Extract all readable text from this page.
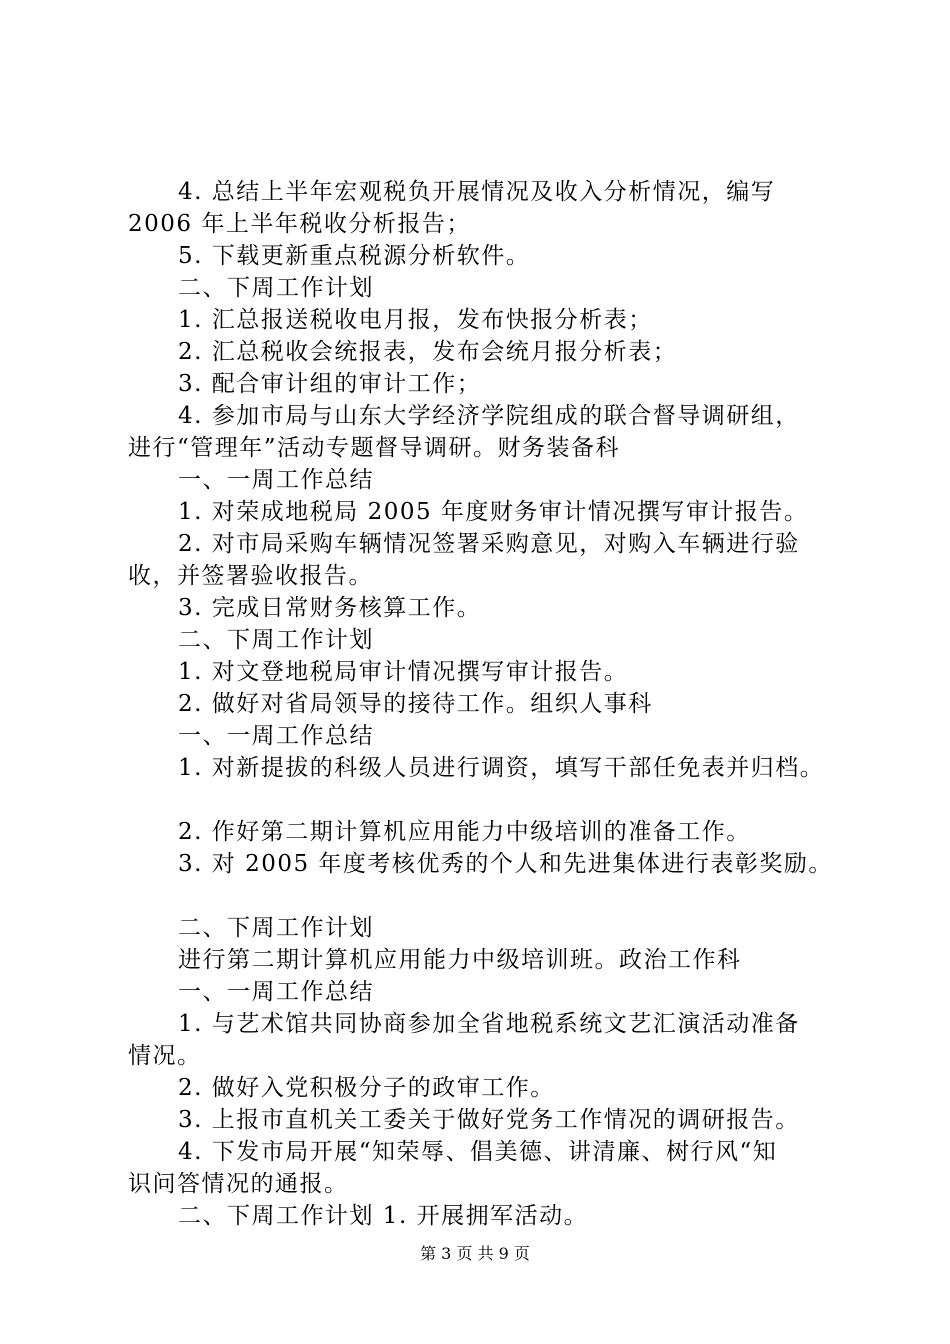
4. 总结上半年宏观税负开展情况及收入分析情况，编写
2006 年上半年税收分析报告；
5. 下载更新重点税源分析软件。
二、下周工作计划
1. 汇总报送税收电月报，发布快报分析表；
2. 汇总税收会统报表，发布会统月报分析表；
3. 配合审计组的审计工作；
4. 参加市局与山东大学经济学院组成的联合督导调研组，
进行“管理年”活动专题督导调研。财务装备科
一、一周工作总结
1. 对荣成地税局 2005 年度财务审计情况撰写审计报告。
2. 对市局采购车辆情况签署采购意见，对购入车辆进行验
收，并签署验收报告。
3. 完成日常财务核算工作。
二、下周工作计划
1. 对文登地税局审计情况撰写审计报告。
2. 做好对省局领导的接待工作。组织人事科
一、一周工作总结
1. 对新提拔的科级人员进行调资，填写干部任免表并归档。
2. 作好第二期计算机应用能力中级培训的准备工作。
3. 对 2005 年度考核优秀的个人和先进集体进行表彰奖励。
二、下周工作计划
进行第二期计算机应用能力中级培训班。政治工作科
一、一周工作总结
1. 与艺术馆共同协商参加全省地税系统文艺汇演活动准备
情况。
2. 做好入党积极分子的政审工作。
3. 上报市直机关工委关于做好党务工作情况的调研报告。
4. 下发市局开展“知荣辱、倡美德、讲清廉、树行风“知
识问答情况的通报。
二、下周工作计划 1. 开展拥军活动。
第 3 页 共 9 页
